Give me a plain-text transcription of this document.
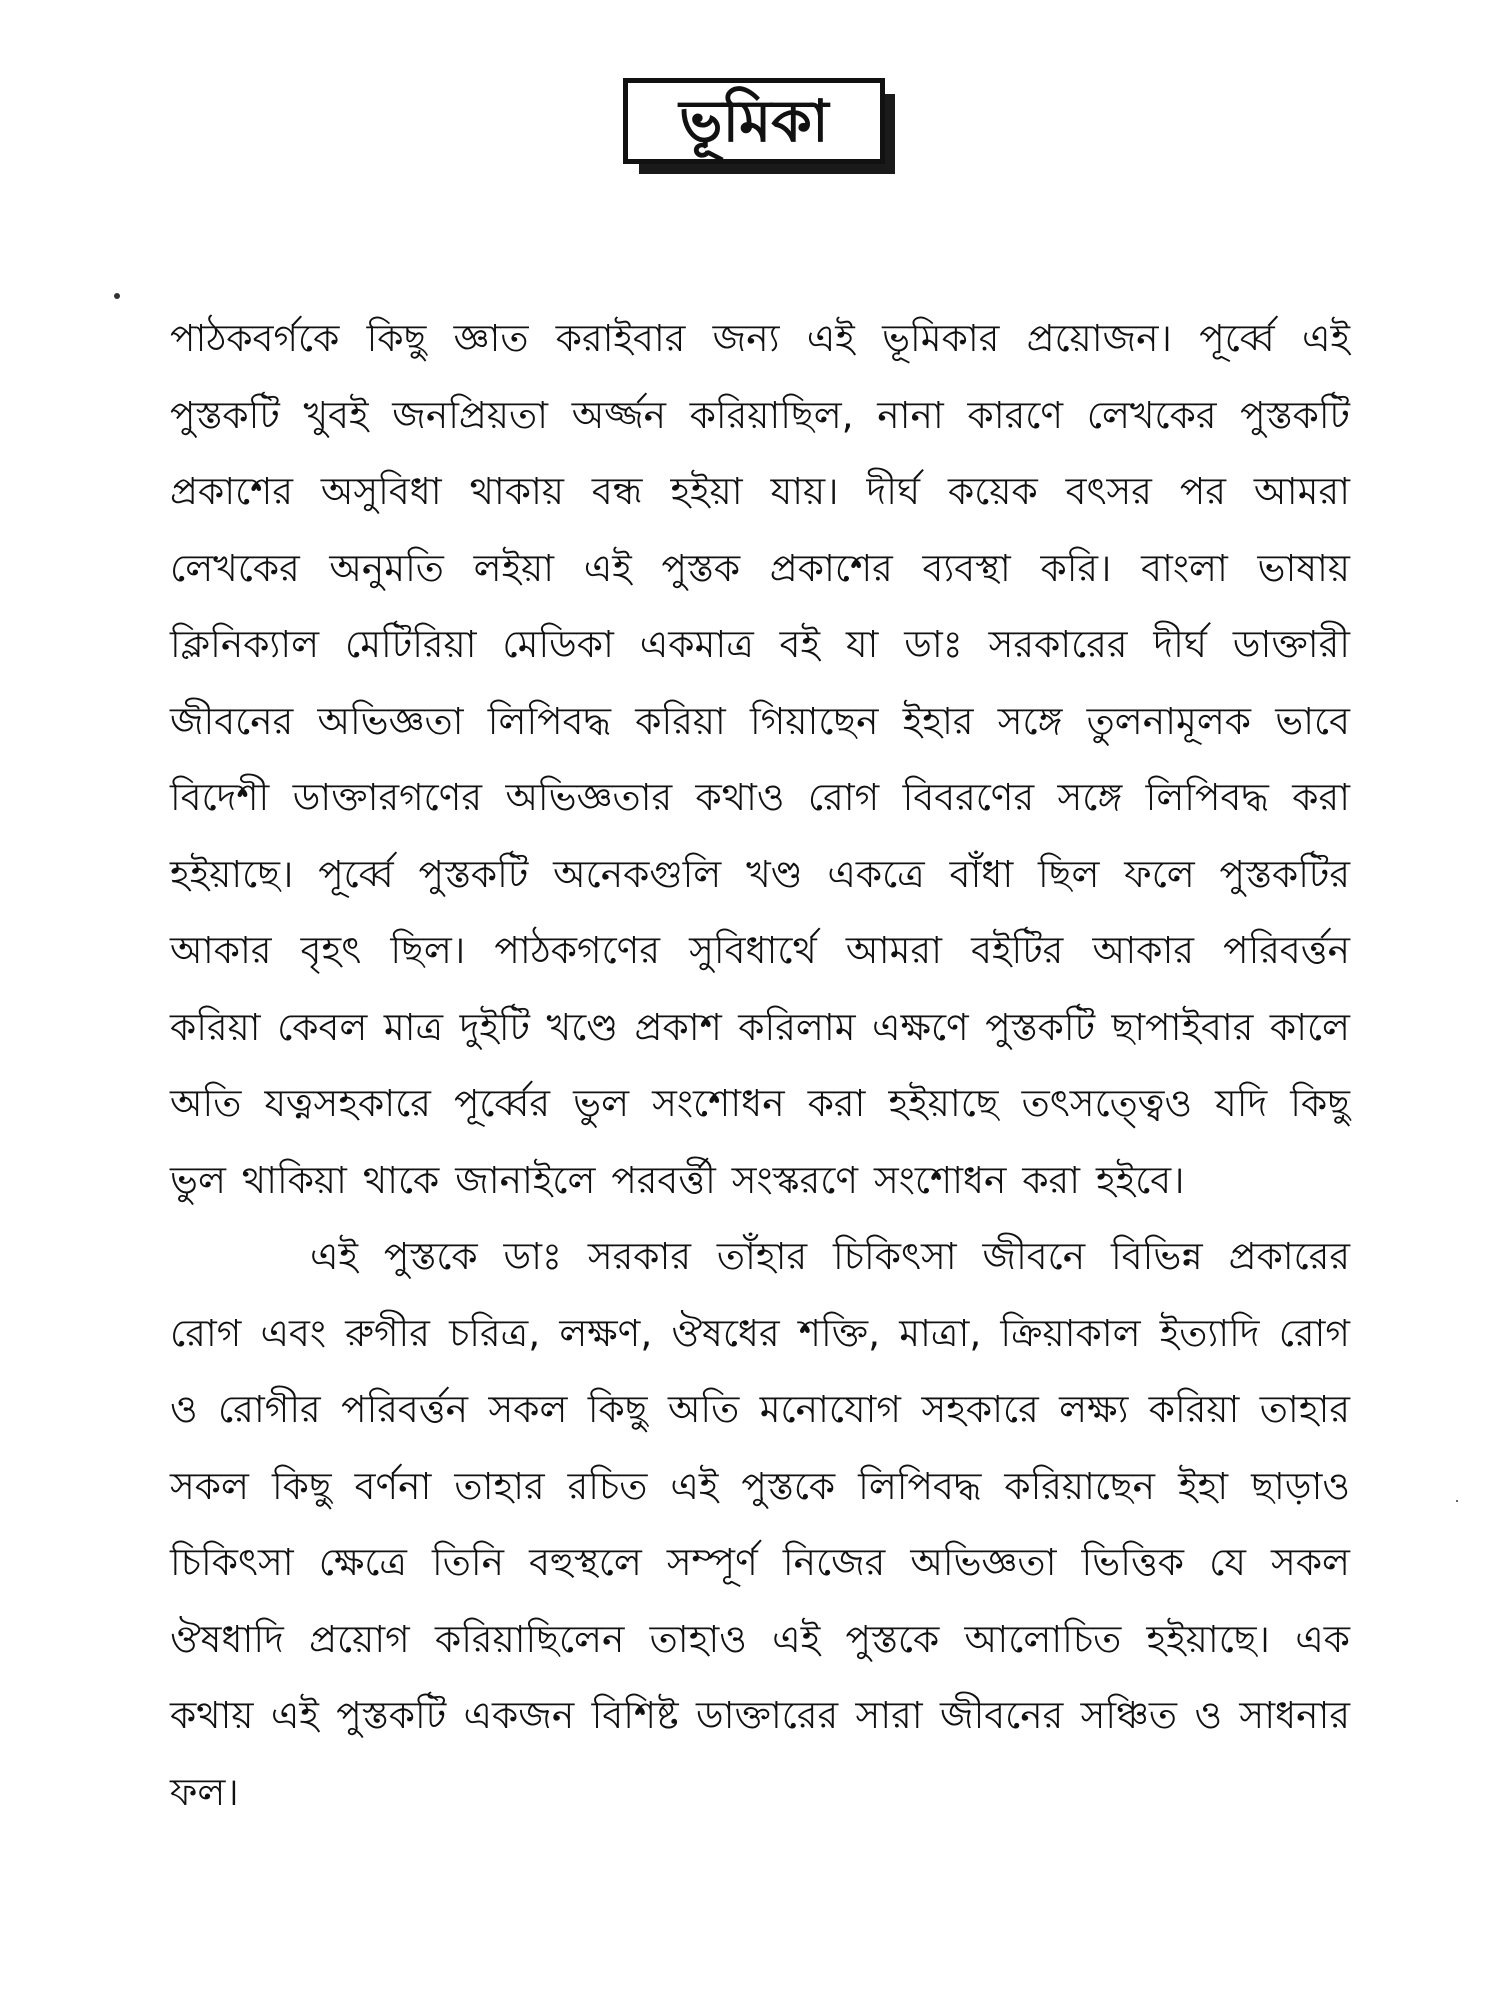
ভূমিকা

পাঠকবর্গকে কিছু জ্ঞাত করাইবার জন্য এই ভূমিকার প্রয়োজন। পূর্ব্বে এই পুস্তকটি খুবই জনপ্রিয়তা অর্জ্জন করিয়াছিল, নানা কারণে লেখকের পুস্তকটি প্রকাশের অসুবিধা থাকায় বন্ধ হইয়া যায়। দীর্ঘ কয়েক বৎসর পর আমরা লেখকের অনুমতি লইয়া এই পুস্তক প্রকাশের ব্যবস্থা করি। বাংলা ভাষায় ক্লিনিক্যাল মেটিরিয়া মেডিকা একমাত্র বই যা ডাঃ সরকারের দীর্ঘ ডাক্তারী জীবনের অভিজ্ঞতা লিপিবদ্ধ করিয়া গিয়াছেন ইহার সঙ্গে তুলনামূলক ভাবে বিদেশী ডাক্তারগণের অভিজ্ঞতার কথাও রোগ বিবরণের সঙ্গে লিপিবদ্ধ করা হইয়াছে। পূর্ব্বে পুস্তকটি অনেকগুলি খণ্ড একত্রে বাঁধা ছিল ফলে পুস্তকটির আকার বৃহৎ ছিল। পাঠকগণের সুবিধার্থে আমরা বইটির আকার পরিবর্ত্তন করিয়া কেবল মাত্র দুইটি খণ্ডে প্রকাশ করিলাম এক্ষণে পুস্তকটি ছাপাইবার কালে অতি যত্নসহকারে পূর্ব্বের ভুল সংশোধন করা হইয়াছে তৎসত্ত্বেও যদি কিছু ভুল থাকিয়া থাকে জানাইলে পরবর্ত্তী সংস্করণে সংশোধন করা হইবে।

এই পুস্তকে ডাঃ সরকার তাঁহার চিকিৎসা জীবনে বিভিন্ন প্রকারের রোগ এবং রুগীর চরিত্র, লক্ষণ, ঔষধের শক্তি, মাত্রা, ক্রিয়াকাল ইত্যাদি রোগ ও রোগীর পরিবর্ত্তন সকল কিছু অতি মনোযোগ সহকারে লক্ষ্য করিয়া তাহার সকল কিছু বর্ণনা তাহার রচিত এই পুস্তকে লিপিবদ্ধ করিয়াছেন ইহা ছাড়াও চিকিৎসা ক্ষেত্রে তিনি বহুস্থলে সম্পূর্ণ নিজের অভিজ্ঞতা ভিত্তিক যে সকল ঔষধাদি প্রয়োগ করিয়াছিলেন তাহাও এই পুস্তকে আলোচিত হইয়াছে। এক কথায় এই পুস্তকটি একজন বিশিষ্ট ডাক্তারের সারা জীবনের সঞ্চিত ও সাধনার ফল।
